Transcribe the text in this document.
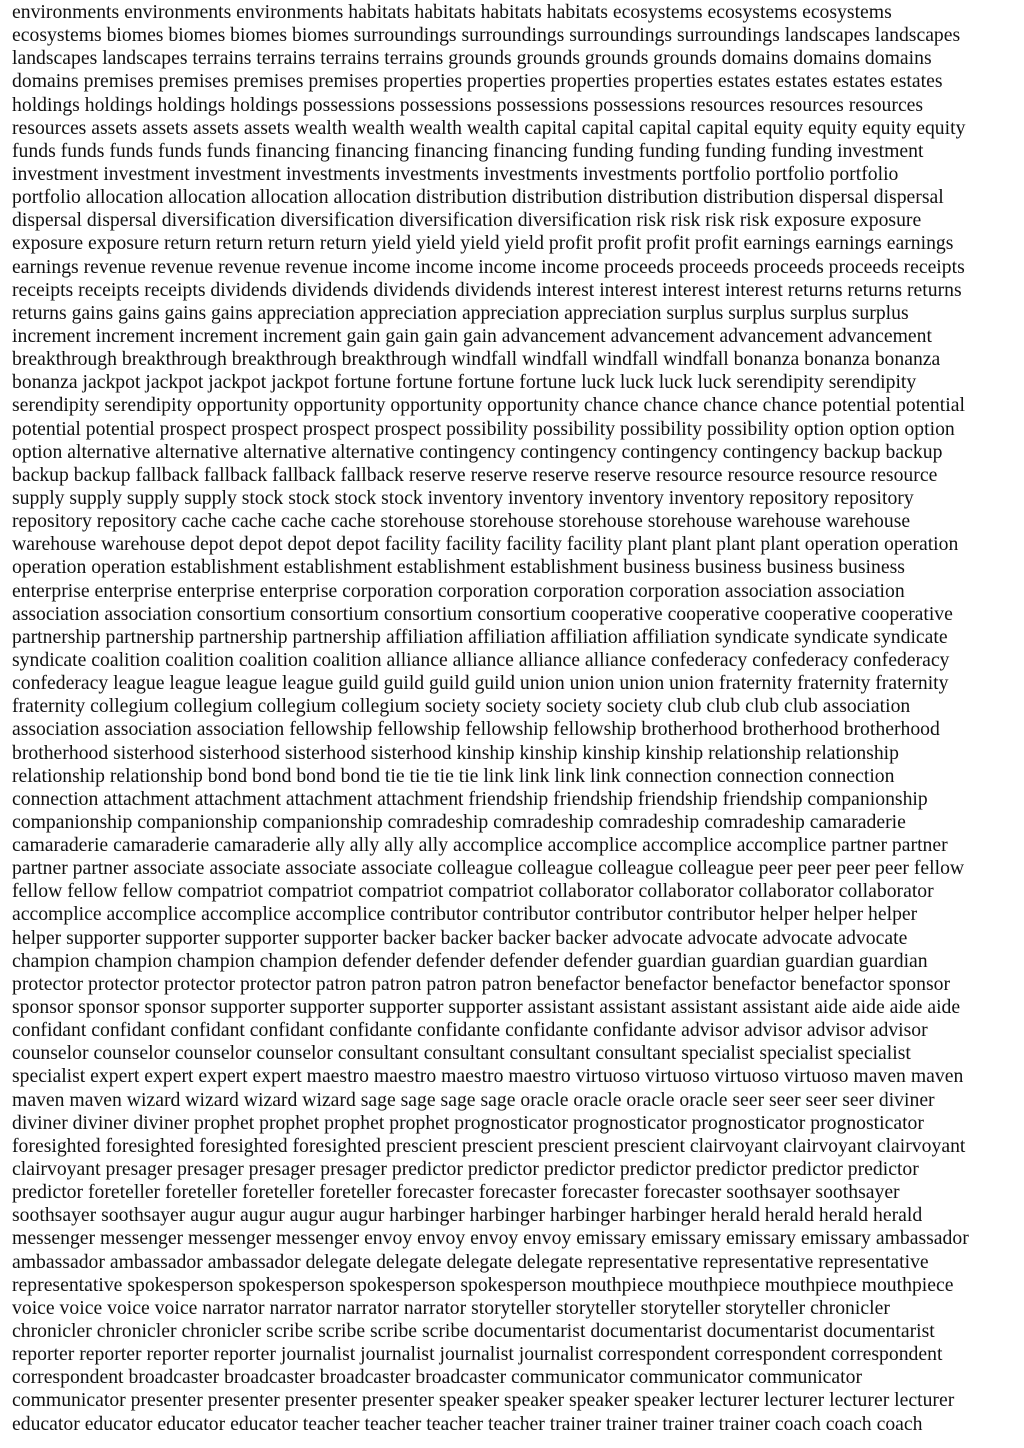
environments environments environments habitats habitats habitats habitats ecosystems ecosystems ecosystems
ecosystems biomes biomes biomes biomes surroundings surroundings surroundings surroundings landscapes landscapes
landscapes landscapes terrains terrains terrains terrains grounds grounds grounds grounds domains domains domains
domains premises premises premises premises properties properties properties properties estates estates estates estates
holdings holdings holdings holdings possessions possessions possessions possessions resources resources resources
resources assets assets assets assets wealth wealth wealth wealth capital capital capital capital equity equity equity equity
funds funds funds funds funds financing financing financing financing funding funding funding funding investment
investment investment investment investments investments investments investments portfolio portfolio portfolio
portfolio allocation allocation allocation allocation distribution distribution distribution distribution dispersal dispersal
dispersal dispersal diversification diversification diversification diversification risk risk risk risk exposure exposure
exposure exposure return return return return yield yield yield yield profit profit profit profit earnings earnings earnings
earnings revenue revenue revenue revenue income income income income proceeds proceeds proceeds proceeds receipts
receipts receipts receipts dividends dividends dividends dividends interest interest interest interest returns returns returns
returns gains gains gains gains appreciation appreciation appreciation appreciation surplus surplus surplus surplus
increment increment increment increment gain gain gain gain advancement advancement advancement advancement
breakthrough breakthrough breakthrough breakthrough windfall windfall windfall windfall bonanza bonanza bonanza
bonanza jackpot jackpot jackpot jackpot fortune fortune fortune fortune luck luck luck luck serendipity serendipity
serendipity serendipity opportunity opportunity opportunity opportunity chance chance chance chance potential potential
potential potential prospect prospect prospect prospect possibility possibility possibility possibility option option option
option alternative alternative alternative alternative contingency contingency contingency contingency backup backup
backup backup fallback fallback fallback fallback reserve reserve reserve reserve resource resource resource resource
supply supply supply supply stock stock stock stock inventory inventory inventory inventory repository repository
repository repository cache cache cache cache storehouse storehouse storehouse storehouse warehouse warehouse
warehouse warehouse depot depot depot depot facility facility facility facility plant plant plant plant operation operation
operation operation establishment establishment establishment establishment business business business business
enterprise enterprise enterprise enterprise corporation corporation corporation corporation association association
association association consortium consortium consortium consortium cooperative cooperative cooperative cooperative
partnership partnership partnership partnership affiliation affiliation affiliation affiliation syndicate syndicate syndicate
syndicate coalition coalition coalition coalition alliance alliance alliance alliance confederacy confederacy confederacy
confederacy league league league league guild guild guild guild union union union union fraternity fraternity fraternity
fraternity collegium collegium collegium collegium society society society society club club club club association
association association association fellowship fellowship fellowship fellowship brotherhood brotherhood brotherhood
brotherhood sisterhood sisterhood sisterhood sisterhood kinship kinship kinship kinship relationship relationship
relationship relationship bond bond bond bond tie tie tie tie link link link link connection connection connection
connection attachment attachment attachment attachment friendship friendship friendship friendship companionship
companionship companionship companionship comradeship comradeship comradeship comradeship camaraderie
camaraderie camaraderie camaraderie ally ally ally ally accomplice accomplice accomplice accomplice partner partner
partner partner associate associate associate associate colleague colleague colleague colleague peer peer peer peer fellow
fellow fellow fellow compatriot compatriot compatriot compatriot collaborator collaborator collaborator collaborator
accomplice accomplice accomplice accomplice contributor contributor contributor contributor helper helper helper
helper supporter supporter supporter supporter backer backer backer backer advocate advocate advocate advocate
champion champion champion champion defender defender defender defender guardian guardian guardian guardian
protector protector protector protector patron patron patron patron benefactor benefactor benefactor benefactor sponsor
sponsor sponsor sponsor supporter supporter supporter supporter assistant assistant assistant assistant aide aide aide aide
confidant confidant confidant confidant confidante confidante confidante confidante advisor advisor advisor advisor
counselor counselor counselor counselor consultant consultant consultant consultant specialist specialist specialist
specialist expert expert expert expert maestro maestro maestro maestro virtuoso virtuoso virtuoso virtuoso maven maven
maven maven wizard wizard wizard wizard sage sage sage sage oracle oracle oracle oracle seer seer seer seer diviner
diviner diviner diviner prophet prophet prophet prophet prognosticator prognosticator prognosticator prognosticator
foresighted foresighted foresighted foresighted prescient prescient prescient prescient clairvoyant clairvoyant clairvoyant
clairvoyant presager presager presager presager predictor predictor predictor predictor predictor predictor predictor
predictor foreteller foreteller foreteller foreteller forecaster forecaster forecaster forecaster soothsayer soothsayer
soothsayer soothsayer augur augur augur augur harbinger harbinger harbinger harbinger herald herald herald herald
messenger messenger messenger messenger envoy envoy envoy envoy emissary emissary emissary emissary ambassador
ambassador ambassador ambassador delegate delegate delegate delegate representative representative representative
representative spokesperson spokesperson spokesperson spokesperson mouthpiece mouthpiece mouthpiece mouthpiece
voice voice voice voice narrator narrator narrator narrator storyteller storyteller storyteller storyteller chronicler
chronicler chronicler chronicler scribe scribe scribe scribe documentarist documentarist documentarist documentarist
reporter reporter reporter reporter journalist journalist journalist journalist correspondent correspondent correspondent
correspondent broadcaster broadcaster broadcaster broadcaster communicator communicator communicator
communicator presenter presenter presenter presenter speaker speaker speaker speaker lecturer lecturer lecturer lecturer
educator educator educator educator teacher teacher teacher teacher trainer trainer trainer trainer coach coach coach
